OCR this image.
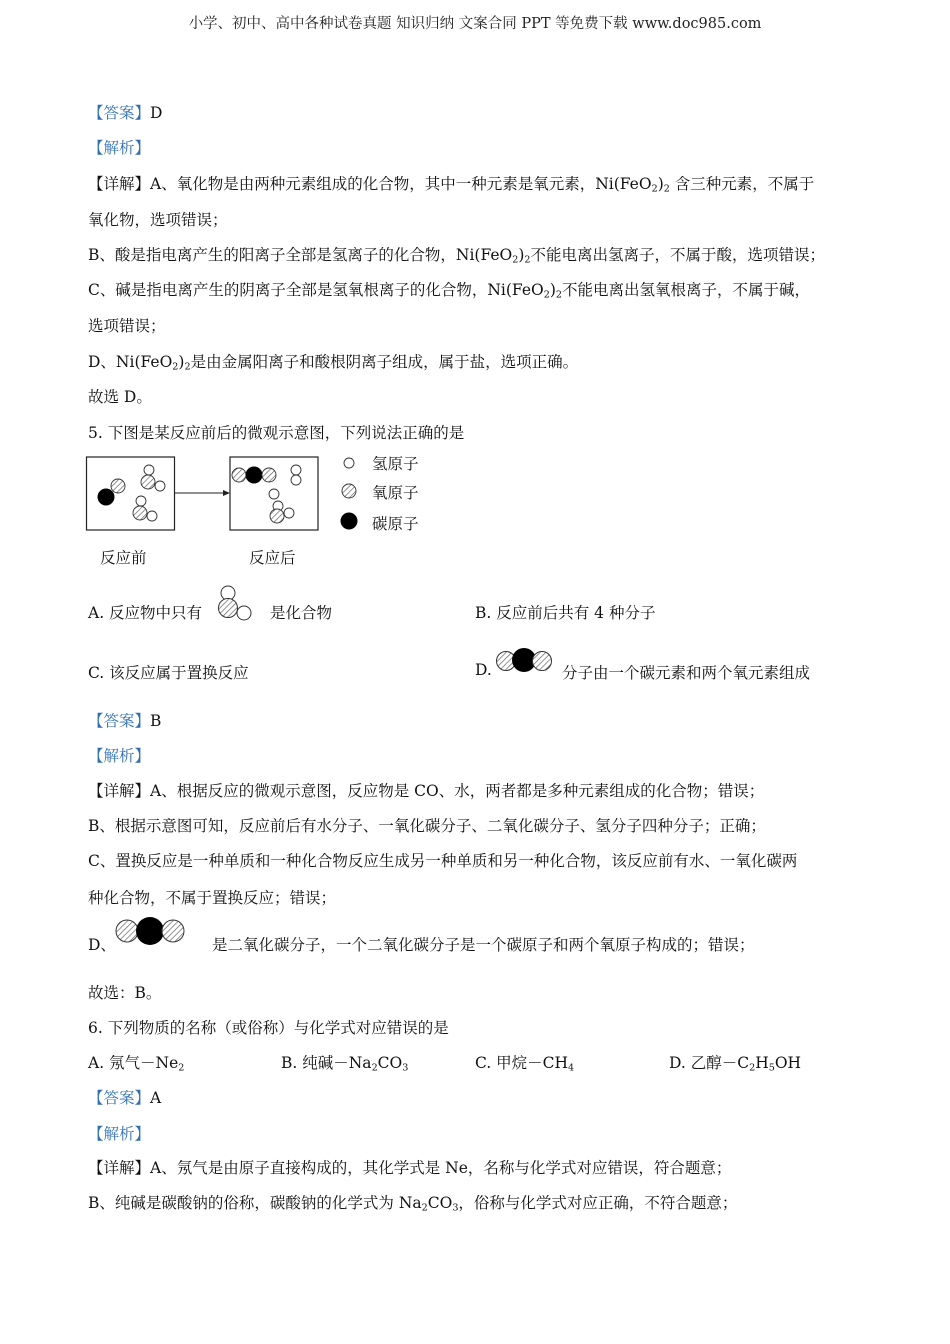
小学、初中、高中各种试卷真题 知识归纳 文案合同 PPT 等免费下载 www.doc985.com
【答案】D
【解析】
【详解】A、氧化物是由两种元素组成的化合物，其中一种元素是氧元素，$Ni(FeO_2)_2$ 含三种元素，不属于
氧化物，选项错误；
B、酸是指电离产生的阳离子全部是氢离子的化合物，$Ni(FeO_2)_2$不能电离出氢离子，不属于酸，选项错误；
C、碱是指电离产生的阴离子全部是氢氧根离子的化合物，$Ni(FeO_2)_2$不能电离出氢氧根离子，不属于碱，
选项错误；
D、$Ni(FeO_2)_2$是由金属阳离子和酸根阴离子组成，属于盐，选项正确。
故选 D。
5. 下图是某反应前后的微观示意图，下列说法正确的是
氢原子
氧原子
碳原子
反应前	反应后
A. 反应物中只有	是化合物	B. 反应前后共有 4 种分子
C. 该反应属于置换反应	D.	分子由一个碳元素和两个氧元素组成
【答案】B
【解析】
【详解】A、根据反应的微观示意图，反应物是 CO、水，两者都是多种元素组成的化合物；错误；
B、根据示意图可知，反应前后有水分子、一氧化碳分子、二氧化碳分子、氢分子四种分子；正确；
C、置换反应是一种单质和一种化合物反应生成另一种单质和另一种化合物，该反应前有水、一氧化碳两
种化合物，不属于置换反应；错误；
D、	是二氧化碳分子，一个二氧化碳分子是一个碳原子和两个氧原子构成的；错误；
故选：B。
6. 下列物质的名称（或俗称）与化学式对应错误的是
A. 氖气$-Ne_2$	B. 纯碱$-Na_2CO_3$	C. 甲烷$-CH_4$	D. 乙醇$-C_2H_5OH$
【答案】A
【解析】
【详解】A、氖气是由原子直接构成的，其化学式是 Ne，名称与化学式对应错误，符合题意；
B、纯碱是碳酸钠的俗称，碳酸钠的化学式为 $Na_2CO_3$，俗称与化学式对应正确，不符合题意；
